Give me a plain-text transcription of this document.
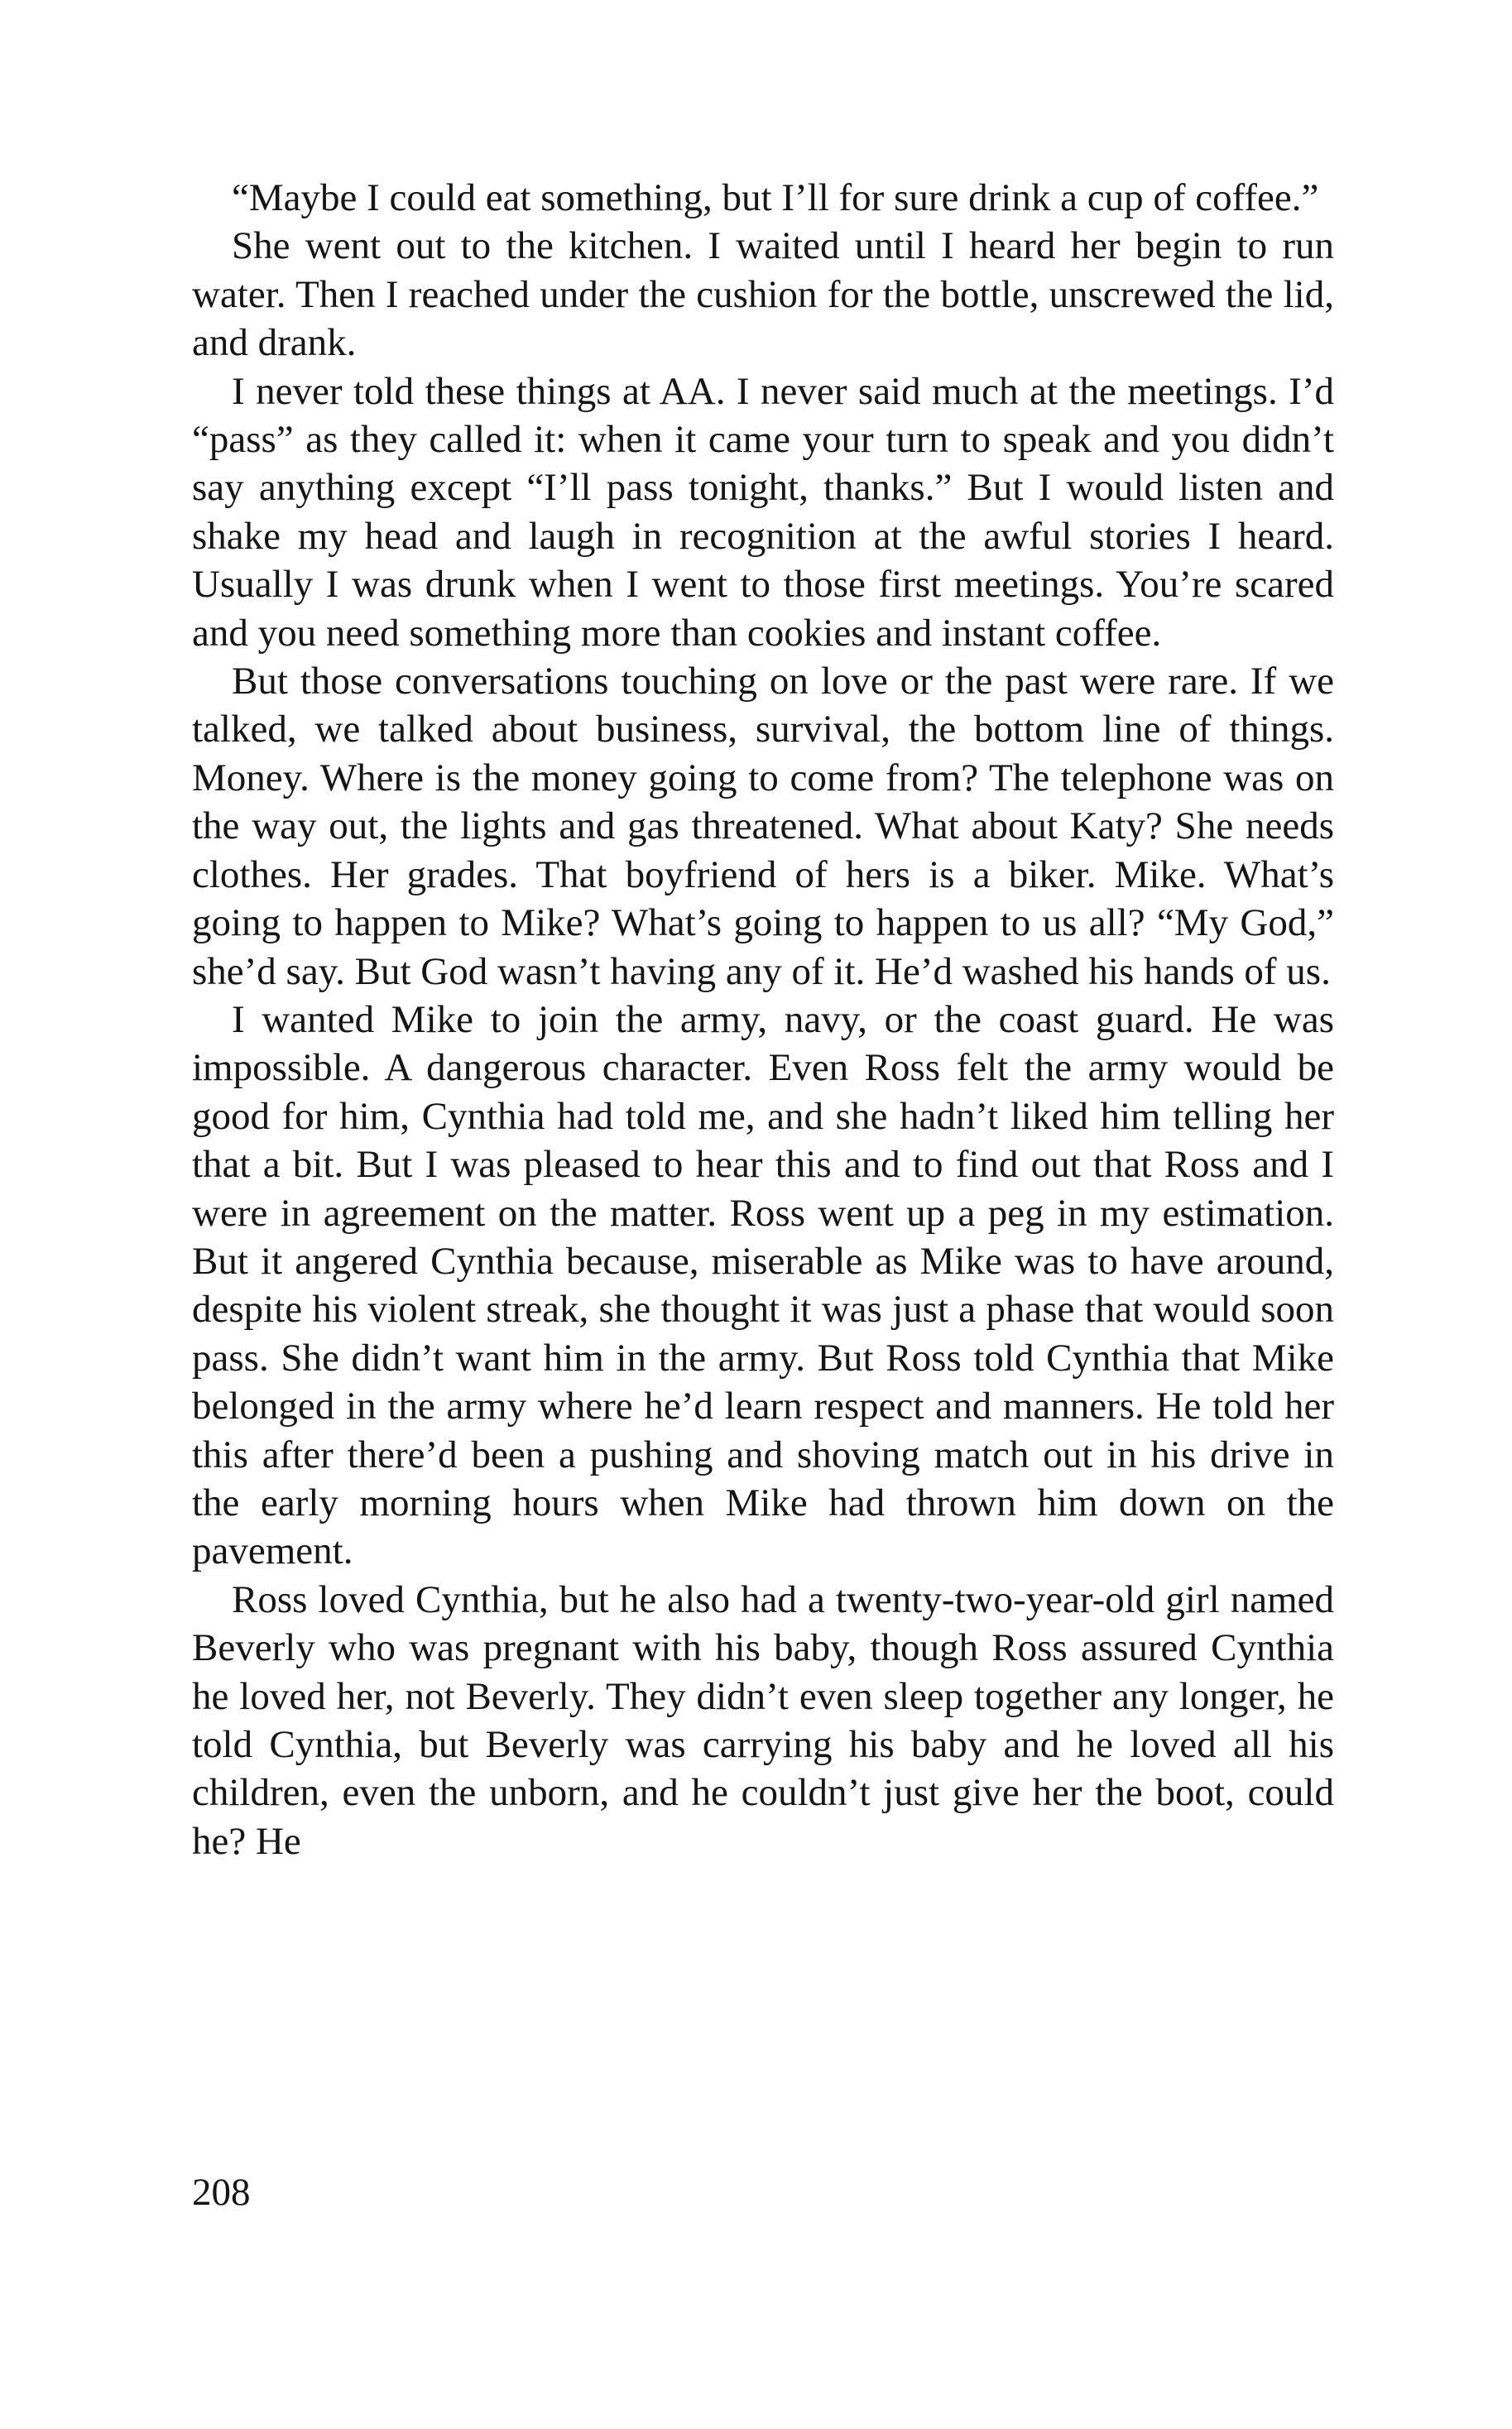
“Maybe I could eat something, but I’ll for sure drink a cup of coffee.”

She went out to the kitchen. I waited until I heard her begin to run water. Then I reached under the cushion for the bottle, unscrewed the lid, and drank.

I never told these things at AA. I never said much at the meetings. I’d “pass” as they called it: when it came your turn to speak and you didn’t say anything except “I’ll pass tonight, thanks.” But I would listen and shake my head and laugh in recognition at the awful stories I heard. Usually I was drunk when I went to those first meetings. You’re scared and you need something more than cookies and instant coffee.

But those conversations touching on love or the past were rare. If we talked, we talked about business, survival, the bottom line of things. Money. Where is the money going to come from? The telephone was on the way out, the lights and gas threatened. What about Katy? She needs clothes. Her grades. That boyfriend of hers is a biker. Mike. What’s going to happen to Mike? What’s going to happen to us all? “My God,” she’d say. But God wasn’t having any of it. He’d washed his hands of us.

I wanted Mike to join the army, navy, or the coast guard. He was impossible. A dangerous character. Even Ross felt the army would be good for him, Cynthia had told me, and she hadn’t liked him telling her that a bit. But I was pleased to hear this and to find out that Ross and I were in agreement on the matter. Ross went up a peg in my estimation. But it angered Cynthia because, miserable as Mike was to have around, despite his violent streak, she thought it was just a phase that would soon pass. She didn’t want him in the army. But Ross told Cynthia that Mike belonged in the army where he’d learn respect and manners. He told her this after there’d been a pushing and shoving match out in his drive in the early morning hours when Mike had thrown him down on the pavement.

Ross loved Cynthia, but he also had a twenty-two-year-old girl named Beverly who was pregnant with his baby, though Ross assured Cynthia he loved her, not Beverly. They didn’t even sleep together any longer, he told Cynthia, but Beverly was carrying his baby and he loved all his children, even the unborn, and he couldn’t just give her the boot, could he? He

208
